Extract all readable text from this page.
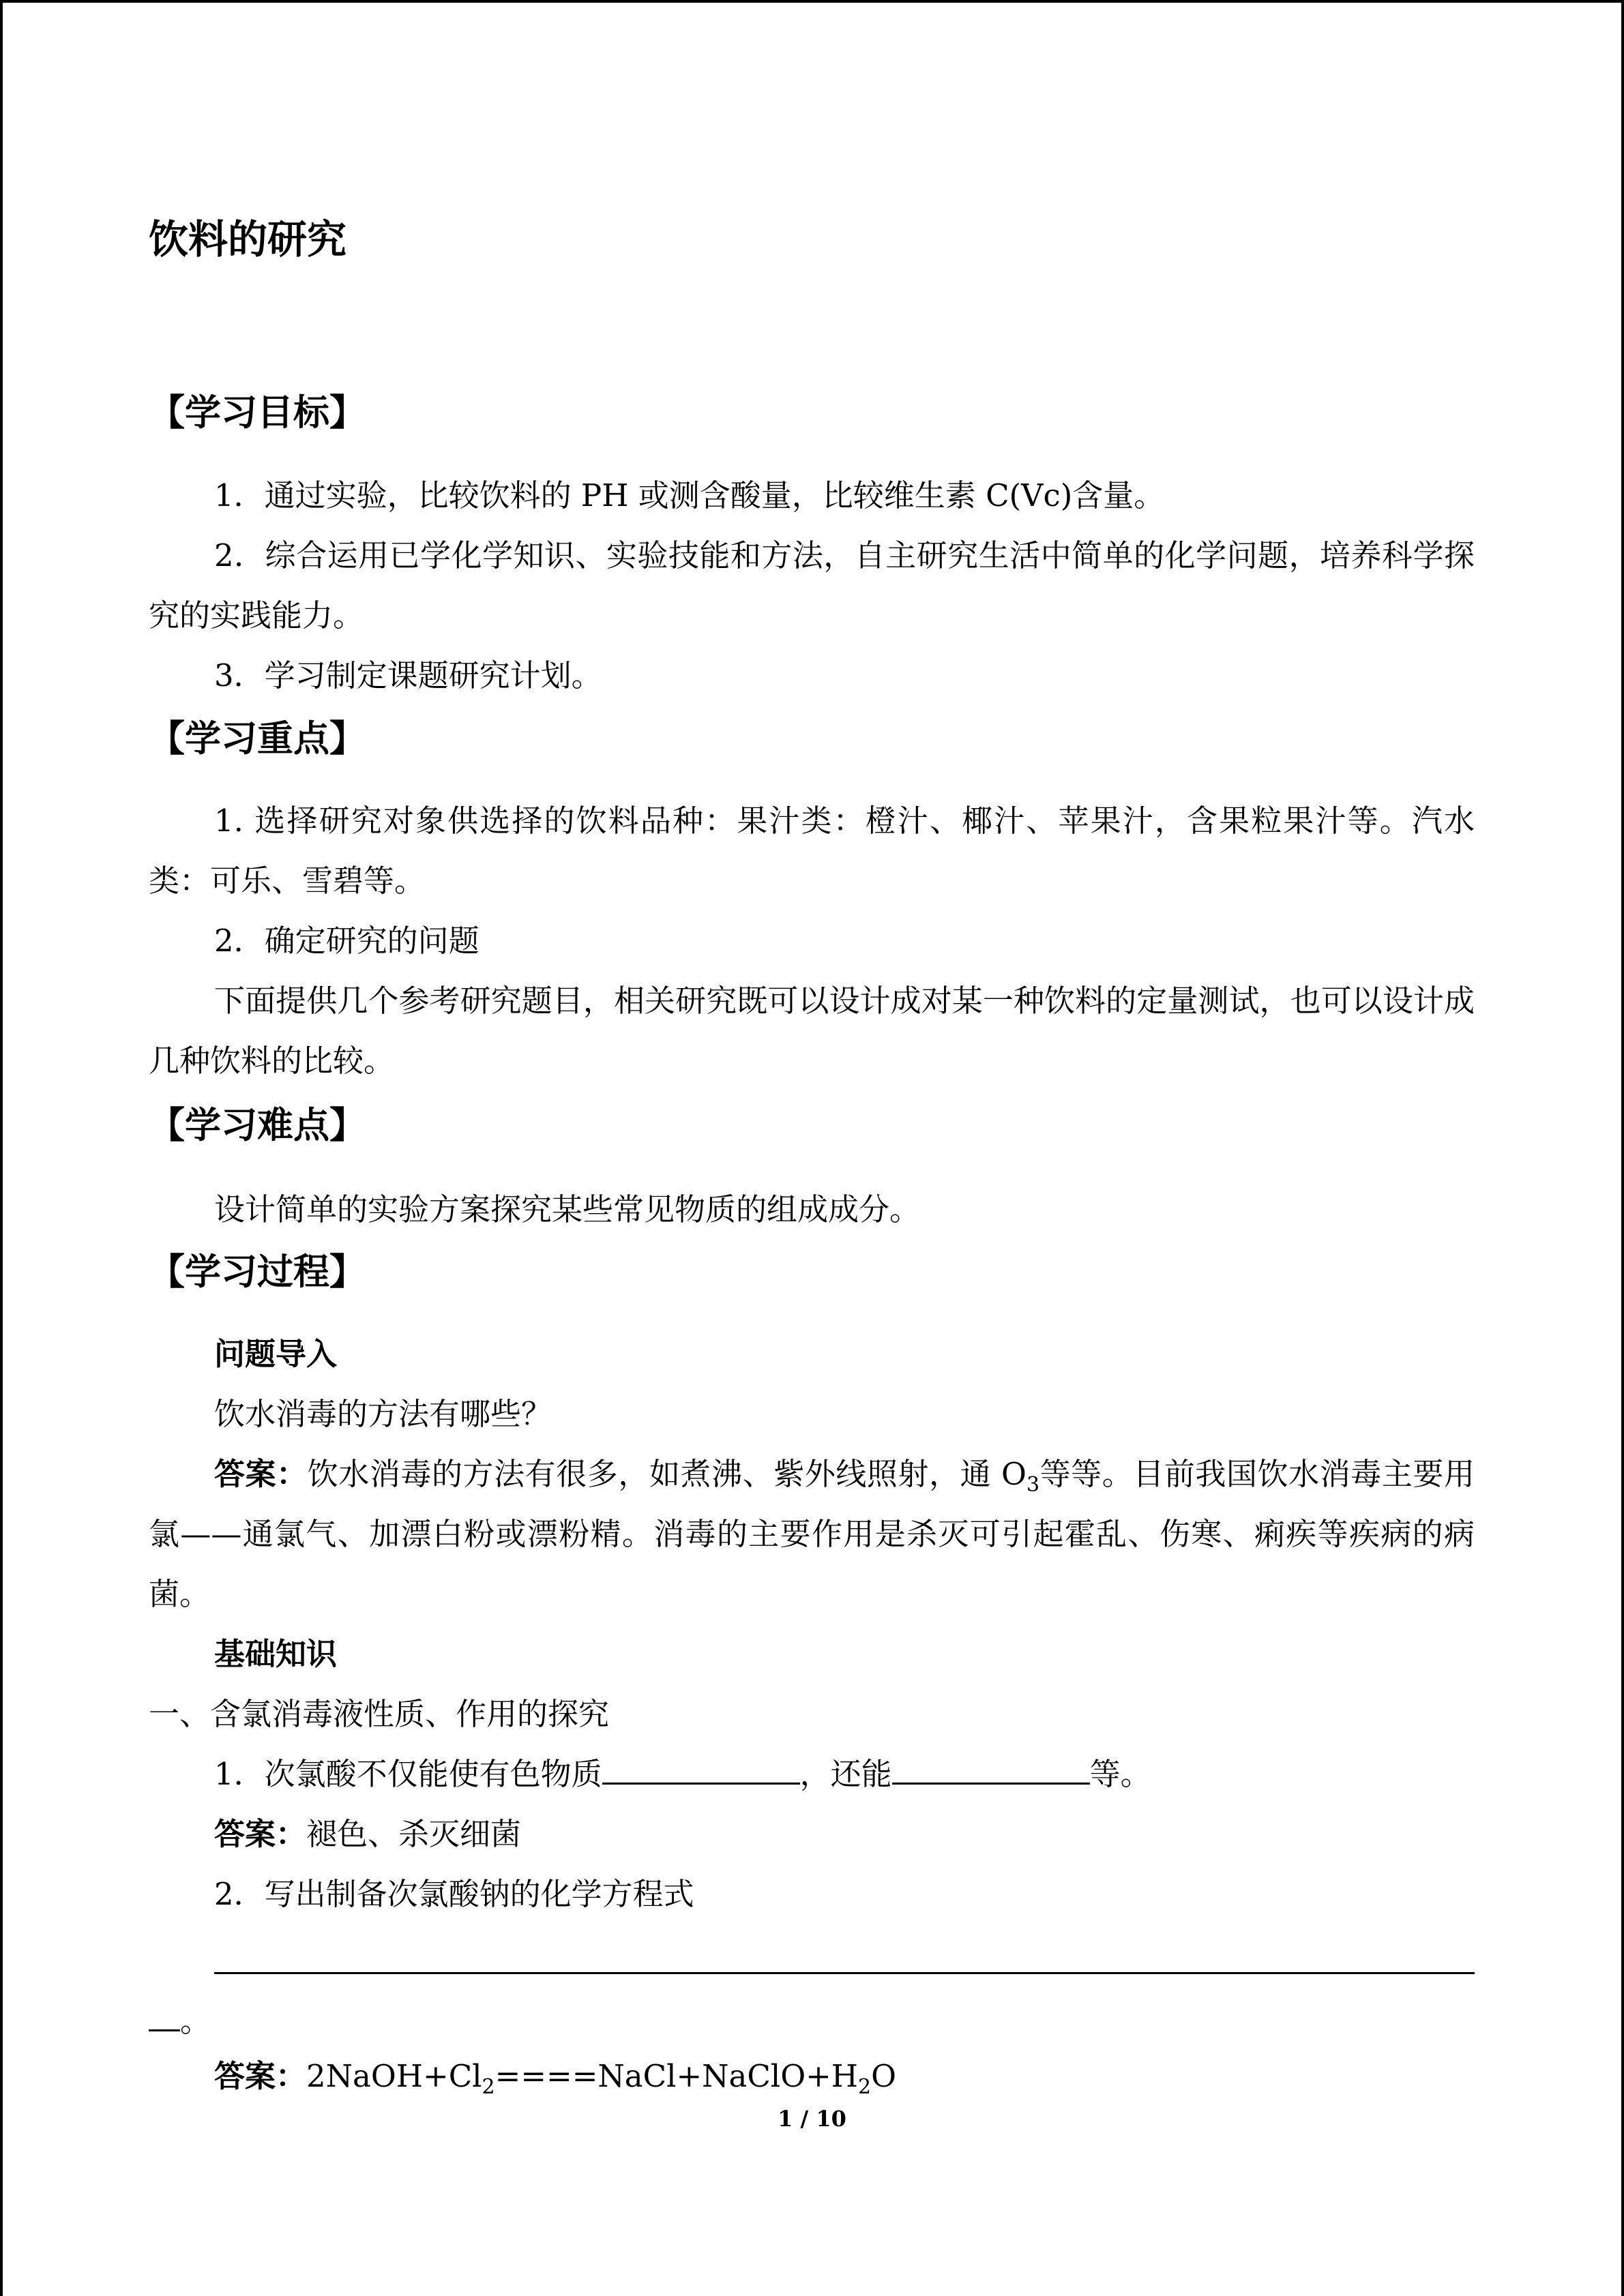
饮料的研究
【学习目标】
1．通过实验，比较饮料的 PH 或测含酸量，比较维生素 C(Vc)含量。
2．综合运用已学化学知识、实验技能和方法，自主研究生活中简单的化学问题，培养科学探究的实践能力。
3．学习制定课题研究计划。
【学习重点】
1. 选择研究对象供选择的饮料品种：果汁类：橙汁、椰汁、苹果汁，含果粒果汁等。汽水类：可乐、雪碧等。
2．确定研究的问题
下面提供几个参考研究题目，相关研究既可以设计成对某一种饮料的定量测试，也可以设计成几种饮料的比较。
【学习难点】
设计简单的实验方案探究某些常见物质的组成成分。
【学习过程】
问题导入
饮水消毒的方法有哪些？
答案：饮水消毒的方法有很多，如煮沸、紫外线照射，通 $O_3$等等。目前我国饮水消毒主要用氯——通氯气、加漂白粉或漂粉精。消毒的主要作用是杀灭可引起霍乱、伤寒、痢疾等疾病的病菌。
基础知识
一、含氯消毒液性质、作用的探究
1．次氯酸不仅能使有色物质	，还能	等。
答案：褪色、杀灭细菌
2．写出制备次氯酸钠的化学方程式
。
答案：$2NaOH+Cl_2====NaCl+NaClO+H_2O$
1 / 10
